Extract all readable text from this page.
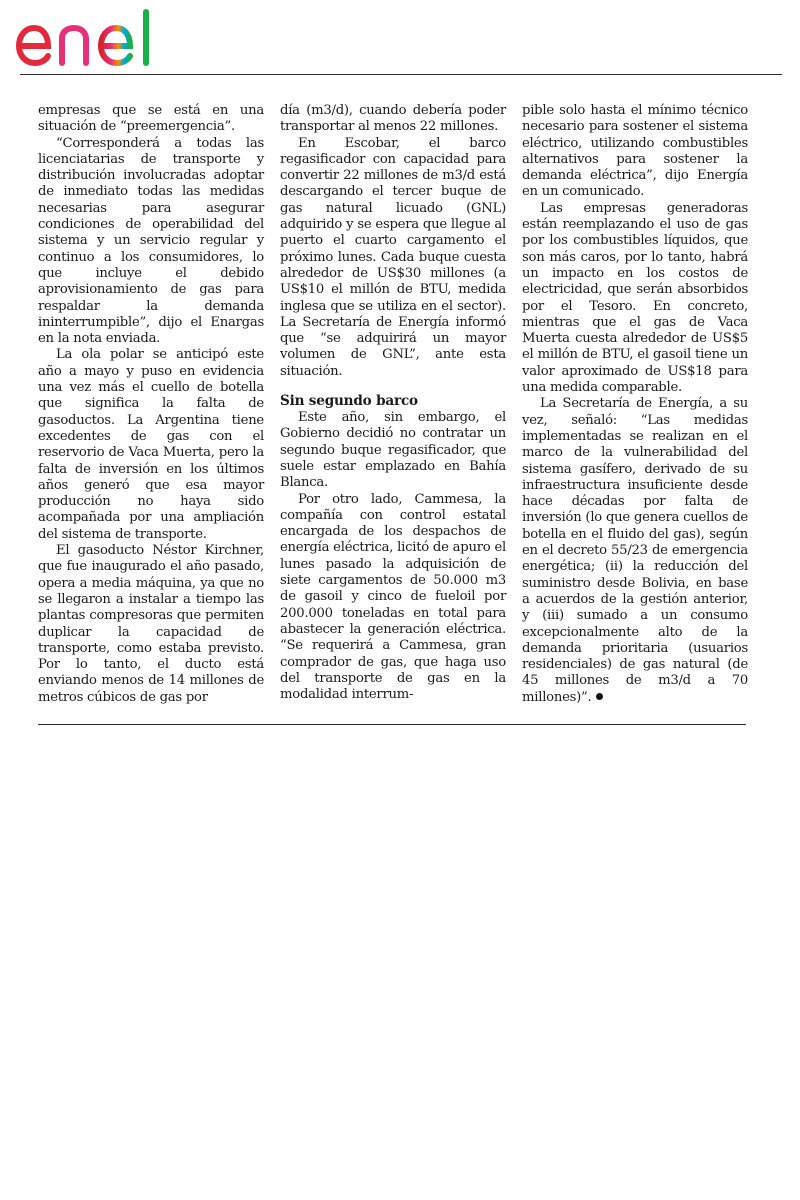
empresas que se está en una situación de “preemergencia”.

“Corresponderá a todas las licenciatarias de transporte y distribución involucradas adoptar de inmediato todas las medidas necesarias para asegurar condiciones de operabilidad del sistema y un servicio regular y continuo a los consumidores, lo que incluye el debido aprovisionamiento de gas para respaldar la demanda ininterrumpible”, dijo el Enargas en la nota enviada.

La ola polar se anticipó este año a mayo y puso en evidencia una vez más el cuello de botella que significa la falta de gasoductos. La Argentina tiene excedentes de gas con el reservorio de Vaca Muerta, pero la falta de inversión en los últimos años generó que esa mayor producción no haya sido acompañada por una ampliación del sistema de transporte.

El gasoducto Néstor Kirchner, que fue inaugurado el año pasado, opera a media máquina, ya que no se llegaron a instalar a tiempo las plantas compresoras que permiten duplicar la capacidad de transporte, como estaba previsto. Por lo tanto, el ducto está enviando menos de 14 millones de metros cúbicos de gas por

día (m3/d), cuando debería poder transportar al menos 22 millones.

En Escobar, el barco regasificador con capacidad para convertir 22 millones de m3/d está descargando el tercer buque de gas natural licuado (GNL) adquirido y se espera que llegue al puerto el cuarto cargamento el próximo lunes. Cada buque cuesta alrededor de US$30 millones (a US$10 el millón de BTU, medida inglesa que se utiliza en el sector). La Secretaría de Energía informó que “se adquirirá un mayor volumen de GNL”, ante esta situación.

Sin segundo barco

Este año, sin embargo, el Gobierno decidió no contratar un segundo buque regasificador, que suele estar emplazado en Bahía Blanca.

Por otro lado, Cammesa, la compañía con control estatal encargada de los despachos de energía eléctrica, licitó de apuro el lunes pasado la adquisición de siete cargamentos de 50.000 m3 de gasoil y cinco de fueloil por 200.000 toneladas en total para abastecer la generación eléctrica. “Se requerirá a Cammesa, gran comprador de gas, que haga uso del transporte de gas en la modalidad interrum-

pible solo hasta el mínimo técnico necesario para sostener el sistema eléctrico, utilizando combustibles alternativos para sostener la demanda eléctrica”, dijo Energía en un comunicado.

Las empresas generadoras están reemplazando el uso de gas por los combustibles líquidos, que son más caros, por lo tanto, habrá un impacto en los costos de electricidad, que serán absorbidos por el Tesoro. En concreto, mientras que el gas de Vaca Muerta cuesta alrededor de US$5 el millón de BTU, el gasoil tiene un valor aproximado de US$18 para una medida comparable.

La Secretaría de Energía, a su vez, señaló: “Las medidas implementadas se realizan en el marco de la vulnerabilidad del sistema gasífero, derivado de su infraestructura insuficiente desde hace décadas por falta de inversión (lo que genera cuellos de botella en el fluido del gas), según en el decreto 55/23 de emergencia energética; (ii) la reducción del suministro desde Bolivia, en base a acuerdos de la gestión anterior, y (iii) sumado a un consumo excepcionalmente alto de la demanda prioritaria (usuarios residenciales) de gas natural (de 45 millones de m3/d a 70 millones)”.
